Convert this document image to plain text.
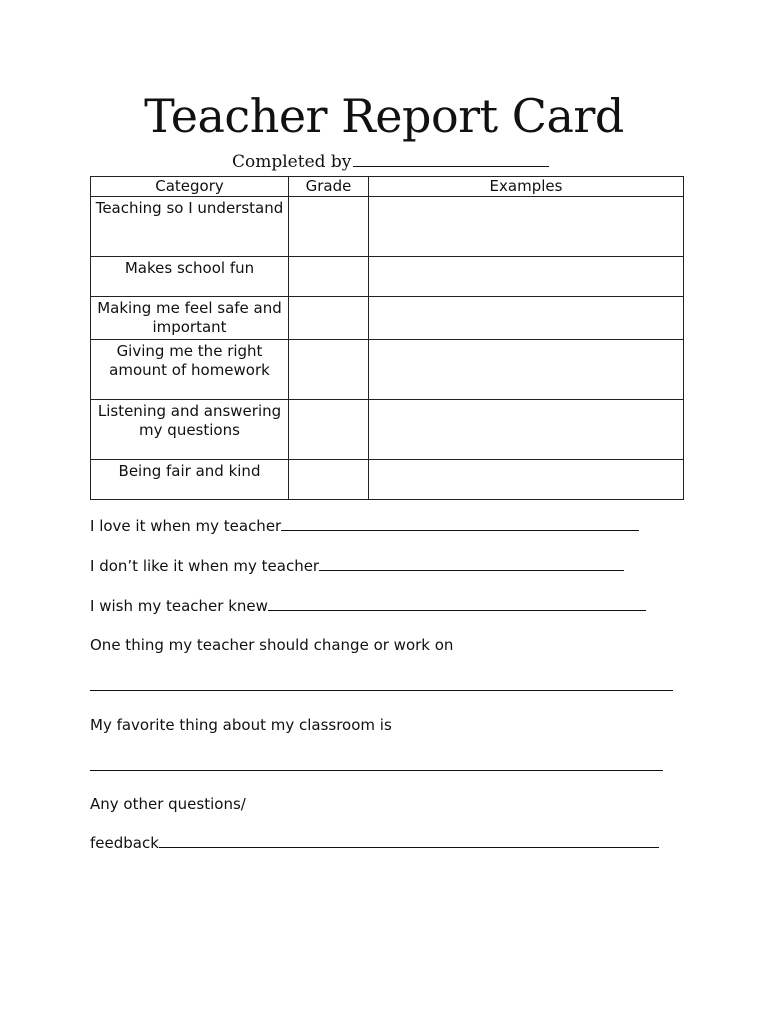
Teacher Report Card
Completed by
Category	Grade	Examples
Teaching so I understand		
Makes school fun		
Making me feel safe and important		
Giving me the right amount of homework		
Listening and answering my questions		
Being fair and kind		
I love it when my teacher
I don’t like it when my teacher
I wish my teacher knew
One thing my teacher should change or work on
My favorite thing about my classroom is
Any other questions/
feedback
